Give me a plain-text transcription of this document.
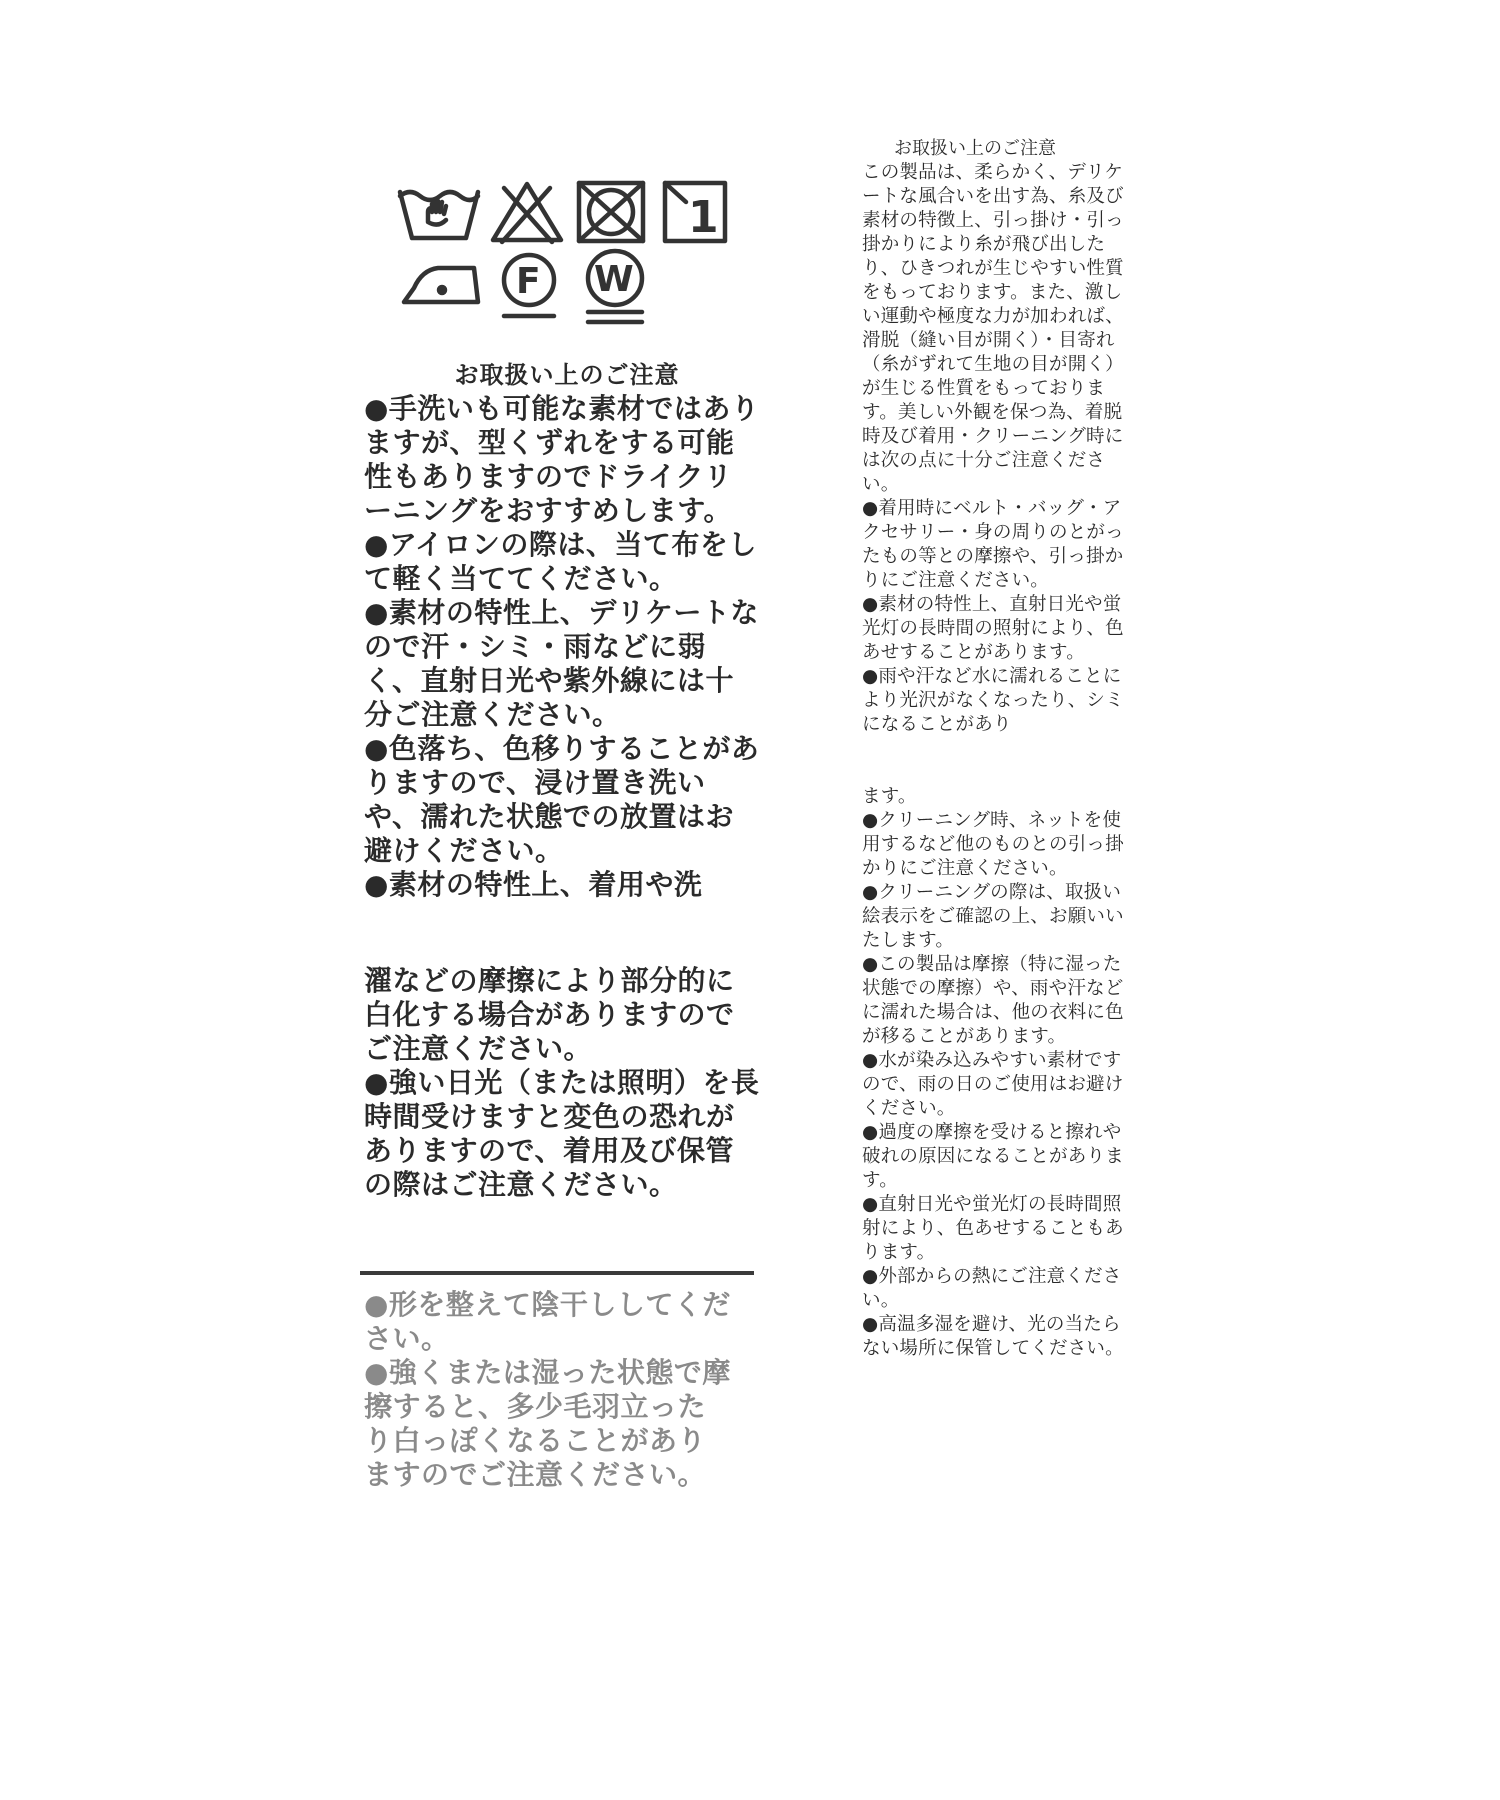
1
F W
お取扱い上のご注意

●手洗いも可能な素材ではありますが、型くずれをする可能性もありますのでドライクリーニングをおすすめします。

●アイロンの際は、当て布をして軽く当ててください。

●素材の特性上、デリケートなので汗・シミ・雨などに弱く、直射日光や紫外線には十分ご注意ください。

●色落ち、色移りすることがありますので、浸け置き洗いや、濡れた状態での放置はお避けください。

●素材の特性上、着用や洗

濯などの摩擦により部分的に白化する場合がありますのでご注意ください。

●強い日光（または照明）を長時間受けますと変色の恐れがありますので、着用及び保管の際はご注意ください。

●形を整えて陰干ししてください。

●強くまたは湿った状態で摩擦すると、多少毛羽立ったり白っぽくなることがありますのでご注意ください。

お取扱い上のご注意

この製品は、柔らかく、デリケートな風合いを出す為、糸及び素材の特徴上、引っ掛け・引っ掛かりにより糸が飛び出したり、ひきつれが生じやすい性質をもっております。また、激しい運動や極度な力が加われば、滑脱（縫い目が開く）・目寄れ（糸がずれて生地の目が開く）が生じる性質をもっております。美しい外観を保つ為、着脱時及び着用・クリーニング時には次の点に十分ご注意ください。

●着用時にベルト・バッグ・アクセサリー・身の周りのとがったもの等との摩擦や、引っ掛かりにご注意ください。

●素材の特性上、直射日光や蛍光灯の長時間の照射により、色あせすることがあります。

●雨や汗など水に濡れることにより光沢がなくなったり、シミになることがあり

ます。

●クリーニング時、ネットを使用するなど他のものとの引っ掛かりにご注意ください。

●クリーニングの際は、取扱い絵表示をご確認の上、お願いいたします。

●この製品は摩擦（特に湿った状態での摩擦）や、雨や汗などに濡れた場合は、他の衣料に色が移ることがあります。

●水が染み込みやすい素材ですので、雨の日のご使用はお避けください。

●過度の摩擦を受けると擦れや破れの原因になることがあります。

●直射日光や蛍光灯の長時間照射により、色あせすることもあります。

●外部からの熱にご注意ください。

●高温多湿を避け、光の当たらない場所に保管してください。
